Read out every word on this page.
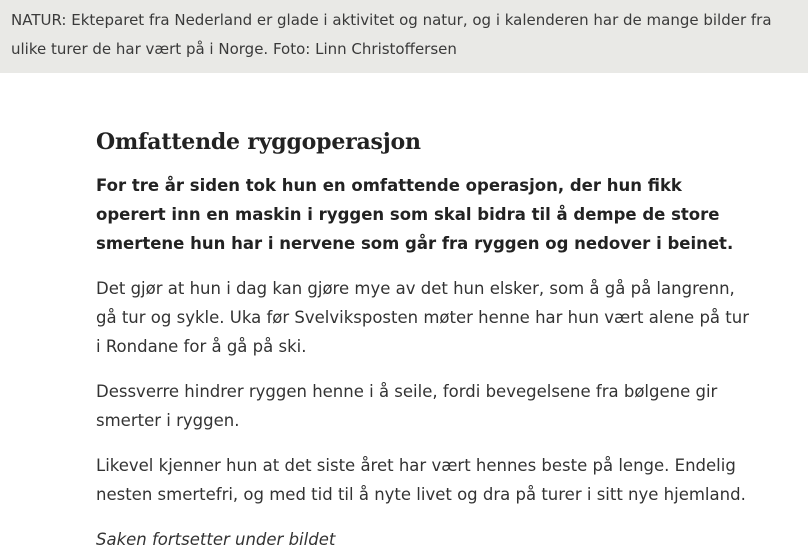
NATUR: Ekteparet fra Nederland er glade i aktivitet og natur, og i kalenderen har de mange bilder fra ulike turer de har vært på i Norge. Foto: Linn Christoffersen
Omfattende ryggoperasjon

For tre år siden tok hun en omfattende operasjon, der hun fikk operert inn en maskin i ryggen som skal bidra til å dempe de store smertene hun har i nervene som går fra ryggen og nedover i beinet.

Det gjør at hun i dag kan gjøre mye av det hun elsker, som å gå på langrenn, gå tur og sykle. Uka før Svelviksposten møter henne har hun vært alene på tur i Rondane for å gå på ski.

Dessverre hindrer ryggen henne i å seile, fordi bevegelsene fra bølgene gir smerter i ryggen.

Likevel kjenner hun at det siste året har vært hennes beste på lenge. Endelig nesten smertefri, og med tid til å nyte livet og dra på turer i sitt nye hjemland.

Saken fortsetter under bildet
